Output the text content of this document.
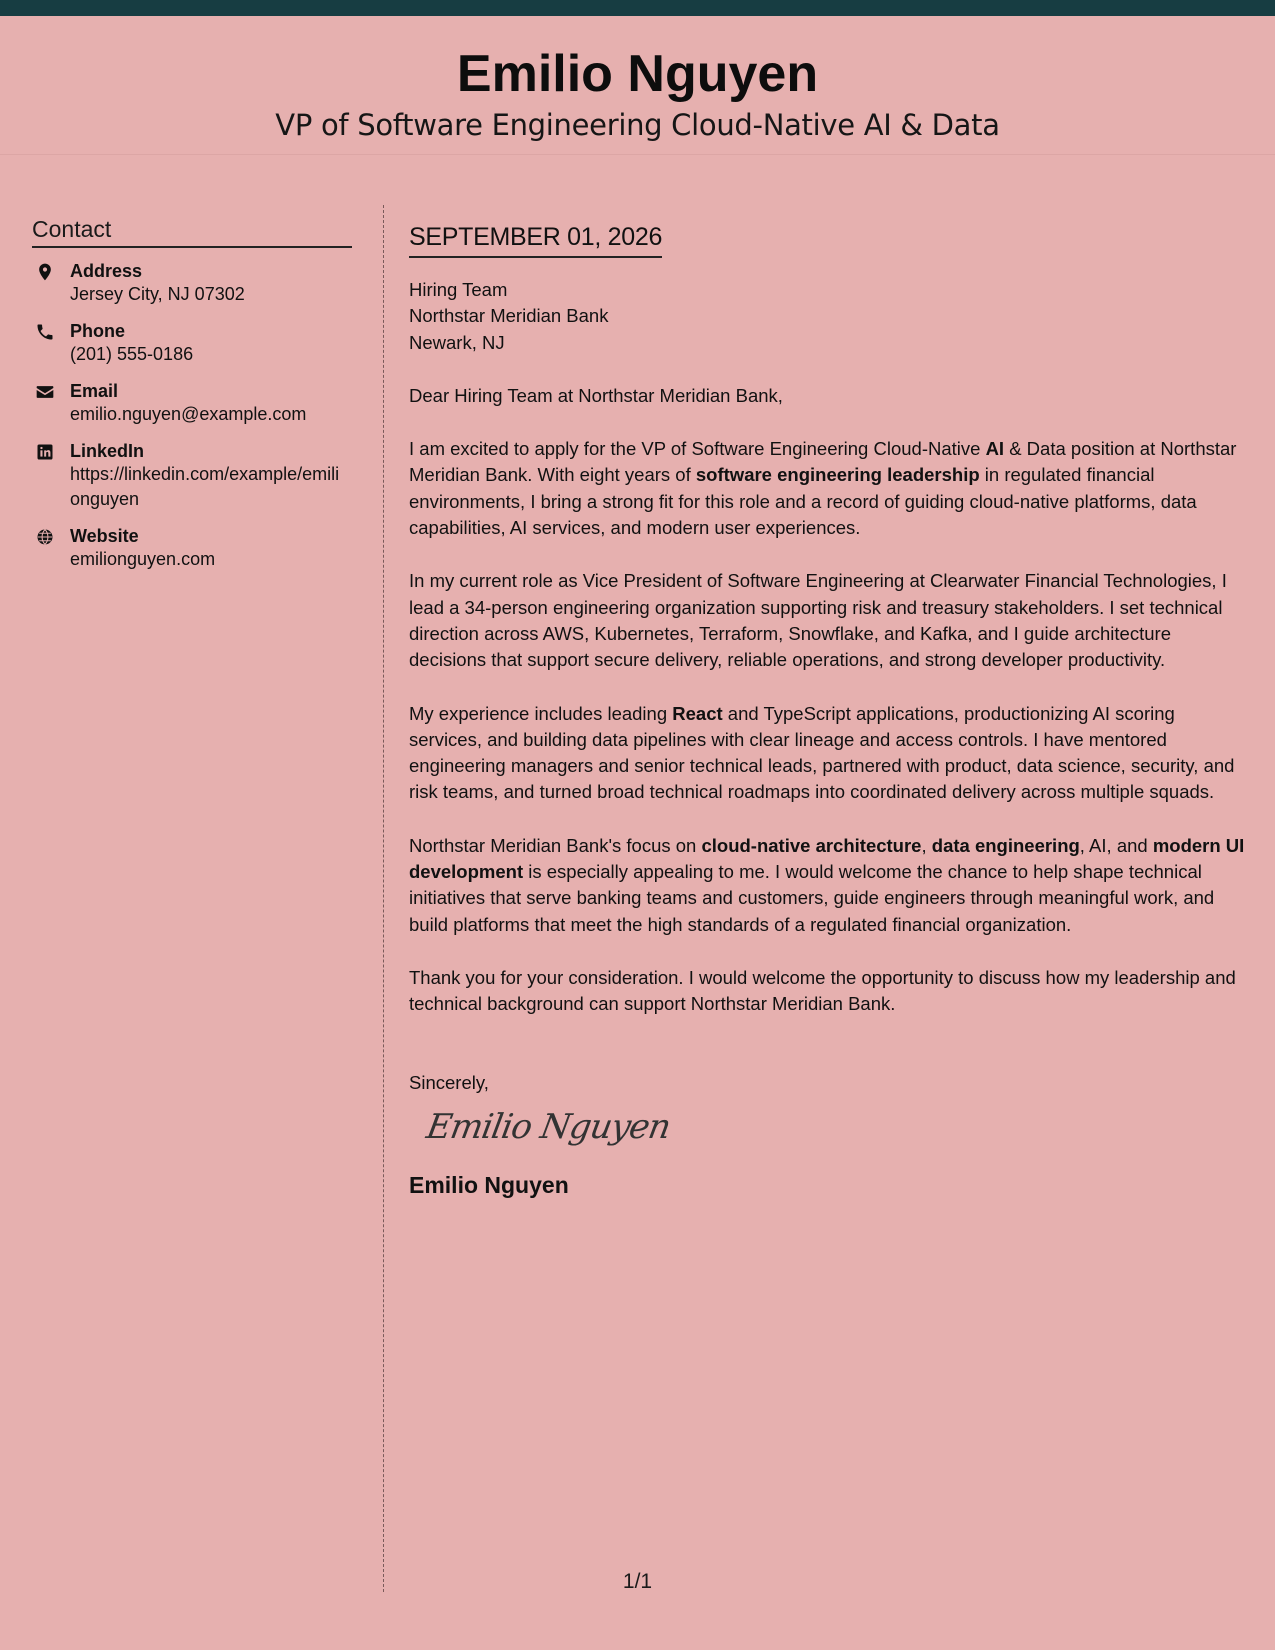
Emilio Nguyen
VP of Software Engineering Cloud-Native AI & Data
Contact
Address
Jersey City, NJ 07302
Phone
(201) 555-0186
Email
emilio.nguyen@example.com
LinkedIn
https://linkedin.com/example/emilionguyen
Website
emilionguyen.com
SEPTEMBER 01, 2026
Hiring Team
Northstar Meridian Bank
Newark, NJ
Dear Hiring Team at Northstar Meridian Bank,

I am excited to apply for the VP of Software Engineering Cloud-Native AI & Data position at Northstar Meridian Bank. With eight years of software engineering leadership in regulated financial environments, I bring a strong fit for this role and a record of guiding cloud-native platforms, data capabilities, AI services, and modern user experiences.

In my current role as Vice President of Software Engineering at Clearwater Financial Technologies, I lead a 34-person engineering organization supporting risk and treasury stakeholders. I set technical direction across AWS, Kubernetes, Terraform, Snowflake, and Kafka, and I guide architecture decisions that support secure delivery, reliable operations, and strong developer productivity.

My experience includes leading React and TypeScript applications, productionizing AI scoring services, and building data pipelines with clear lineage and access controls. I have mentored engineering managers and senior technical leads, partnered with product, data science, security, and risk teams, and turned broad technical roadmaps into coordinated delivery across multiple squads.

Northstar Meridian Bank's focus on cloud-native architecture, data engineering, AI, and modern UI development is especially appealing to me. I would welcome the chance to help shape technical initiatives that serve banking teams and customers, guide engineers through meaningful work, and build platforms that meet the high standards of a regulated financial organization.

Thank you for your consideration. I would welcome the opportunity to discuss how my leadership and technical background can support Northstar Meridian Bank.

Sincerely,
Emilio Nguyen
Emilio Nguyen
1/1
